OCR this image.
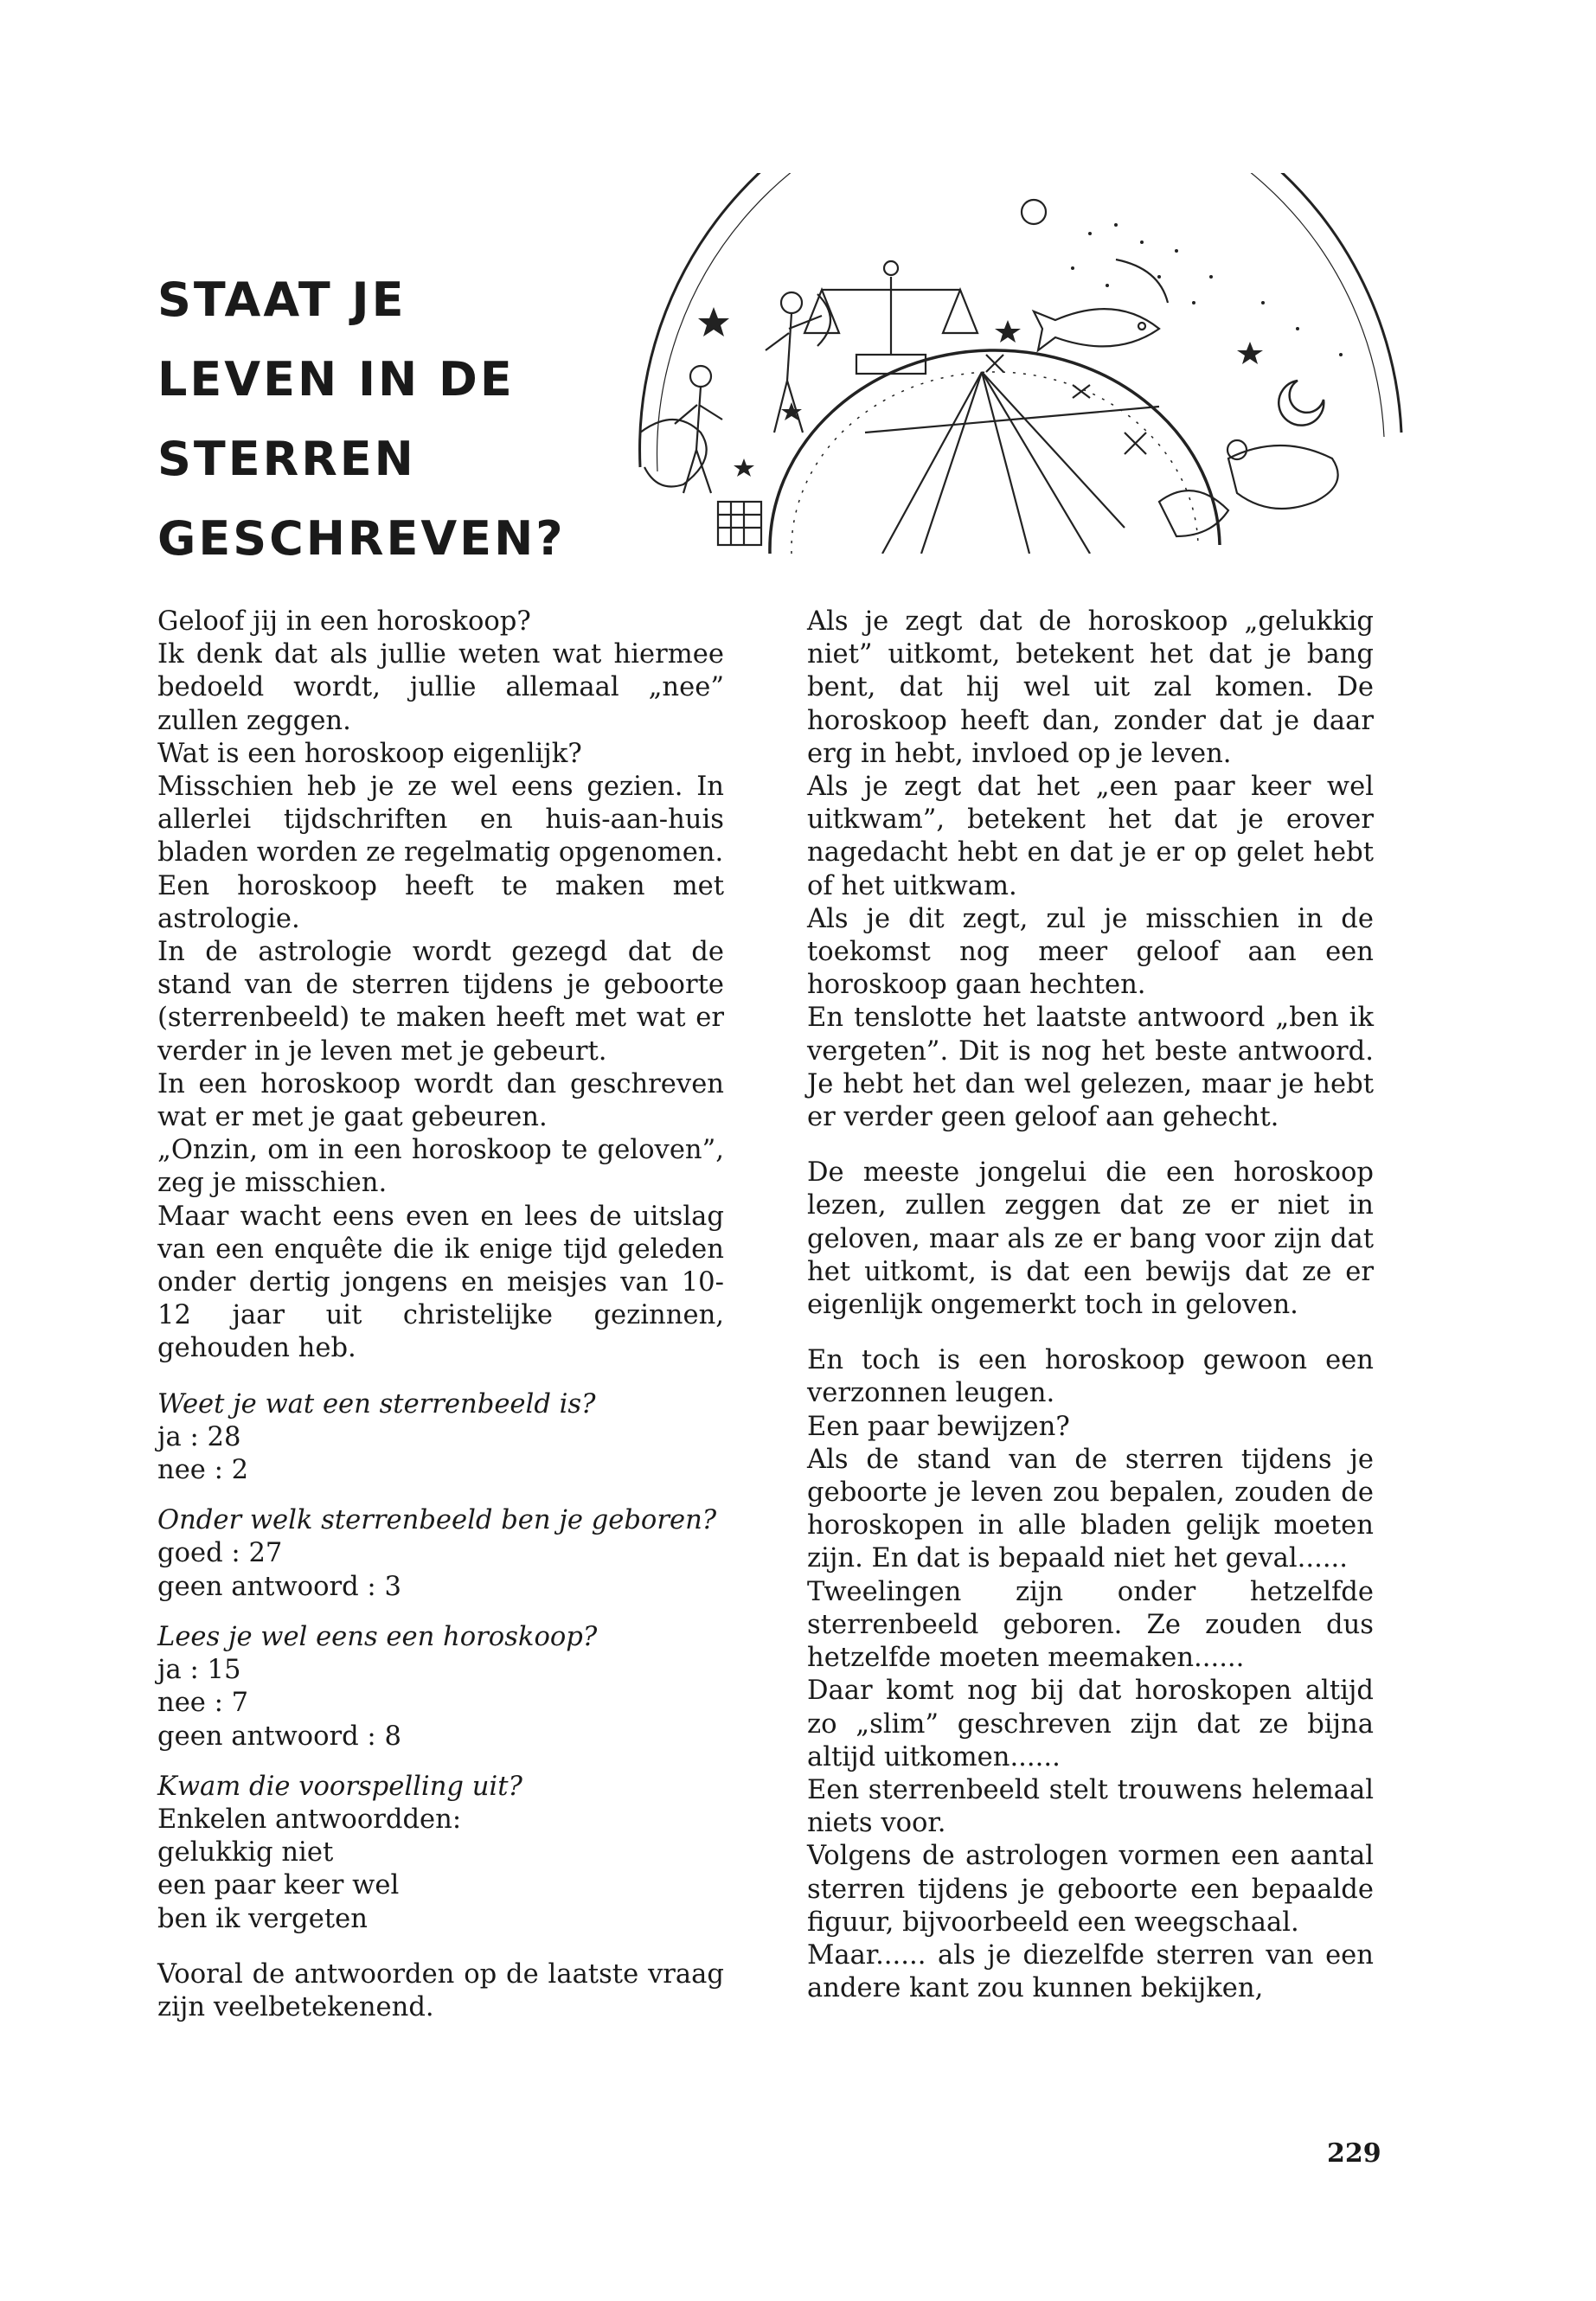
STAAT JE
LEVEN IN DE
STERREN
GESCHREVEN?

Geloof jij in een horoskoop?

Ik denk dat als jullie weten wat hiermee bedoeld wordt, jullie allemaal „nee” zullen zeggen.

Wat is een horoskoop eigenlijk?

Misschien heb je ze wel eens gezien. In allerlei tijdschriften en huis-aan-huis bladen worden ze regelmatig opgenomen.

Een horoskoop heeft te maken met astrologie.

In de astrologie wordt gezegd dat de stand van de sterren tijdens je geboorte (sterrenbeeld) te maken heeft met wat er verder in je leven met je gebeurt.

In een horoskoop wordt dan geschreven wat er met je gaat gebeuren.

„Onzin, om in een horoskoop te geloven”, zeg je misschien.

Maar wacht eens even en lees de uitslag van een enquête die ik enige tijd geleden onder dertig jongens en meisjes van 10-12 jaar uit christelijke gezinnen, gehouden heb.

Weet je wat een sterrenbeeld is?

ja : 28

nee : 2

Onder welk sterrenbeeld ben je geboren?

goed : 27

geen antwoord : 3

Lees je wel eens een horoskoop?

ja : 15

nee : 7

geen antwoord : 8

Kwam die voorspelling uit?

Enkelen antwoordden:

gelukkig niet

een paar keer wel

ben ik vergeten

Vooral de antwoorden op de laatste vraag zijn veelbetekenend.

Als je zegt dat de horoskoop „gelukkig niet” uitkomt, betekent het dat je bang bent, dat hij wel uit zal komen. De horoskoop heeft dan, zonder dat je daar erg in hebt, invloed op je leven.

Als je zegt dat het „een paar keer wel uitkwam”, betekent het dat je erover nagedacht hebt en dat je er op gelet hebt of het uitkwam.

Als je dit zegt, zul je misschien in de toekomst nog meer geloof aan een horoskoop gaan hechten.

En tenslotte het laatste antwoord „ben ik vergeten”. Dit is nog het beste antwoord. Je hebt het dan wel gelezen, maar je hebt er verder geen geloof aan gehecht.

De meeste jongelui die een horoskoop lezen, zullen zeggen dat ze er niet in geloven, maar als ze er bang voor zijn dat het uitkomt, is dat een bewijs dat ze er eigenlijk ongemerkt toch in geloven.

En toch is een horoskoop gewoon een verzonnen leugen.

Een paar bewijzen?

Als de stand van de sterren tijdens je geboorte je leven zou bepalen, zouden de horoskopen in alle bladen gelijk moeten zijn. En dat is bepaald niet het geval......

Tweelingen zijn onder hetzelfde sterrenbeeld geboren. Ze zouden dus hetzelfde moeten meemaken......

Daar komt nog bij dat horoskopen altijd zo „slim” geschreven zijn dat ze bijna altijd uitkomen......

Een sterrenbeeld stelt trouwens helemaal niets voor.

Volgens de astrologen vormen een aantal sterren tijdens je geboorte een bepaalde figuur, bijvoorbeeld een weegschaal.

Maar...... als je diezelfde sterren van een andere kant zou kunnen bekijken,

229
